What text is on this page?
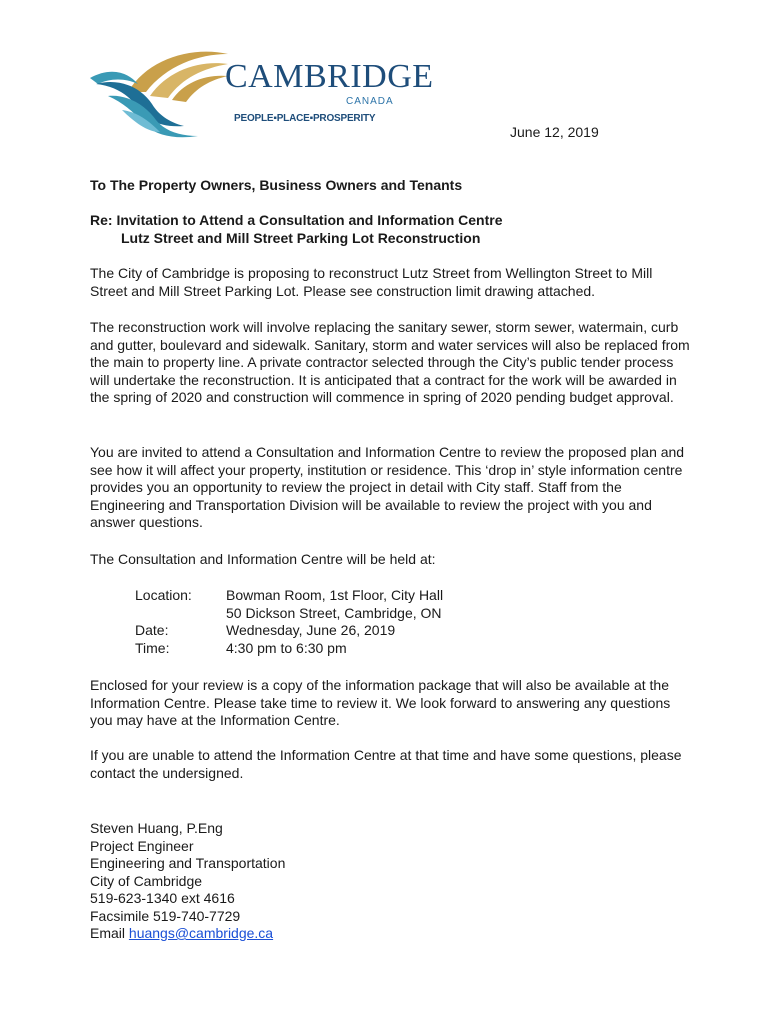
CAMBRIDGE
CANADA
PEOPLE▪PLACE▪PROSPERITY
June 12, 2019
To The Property Owners, Business Owners and Tenants
Re: Invitation to Attend a Consultation and Information Centre
Lutz Street and Mill Street Parking Lot Reconstruction
The City of Cambridge is proposing to reconstruct Lutz Street from Wellington Street to Mill Street and Mill Street Parking Lot. Please see construction limit drawing attached.
The reconstruction work will involve replacing the sanitary sewer, storm sewer, watermain, curb and gutter, boulevard and sidewalk. Sanitary, storm and water services will also be replaced from the main to property line. A private contractor selected through the City’s public tender process will undertake the reconstruction. It is anticipated that a contract for the work will be awarded in the spring of 2020 and construction will commence in spring of 2020 pending budget approval.
You are invited to attend a Consultation and Information Centre to review the proposed plan and see how it will affect your property, institution or residence. This ‘drop in’ style information centre provides you an opportunity to review the project in detail with City staff. Staff from the Engineering and Transportation Division will be available to review the project with you and answer questions.
The Consultation and Information Centre will be held at:
Location:	Bowman Room, 1st Floor, City Hall
50 Dickson Street, Cambridge, ON
Date:	Wednesday, June 26, 2019
Time:	4:30 pm to 6:30 pm
Enclosed for your review is a copy of the information package that will also be available at the Information Centre. Please take time to review it. We look forward to answering any questions you may have at the Information Centre.
If you are unable to attend the Information Centre at that time and have some questions, please contact the undersigned.
Steven Huang, P.Eng
Project Engineer
Engineering and Transportation
City of Cambridge
519-623-1340 ext 4616
Facsimile 519-740-7729
Email huangs@cambridge.ca
